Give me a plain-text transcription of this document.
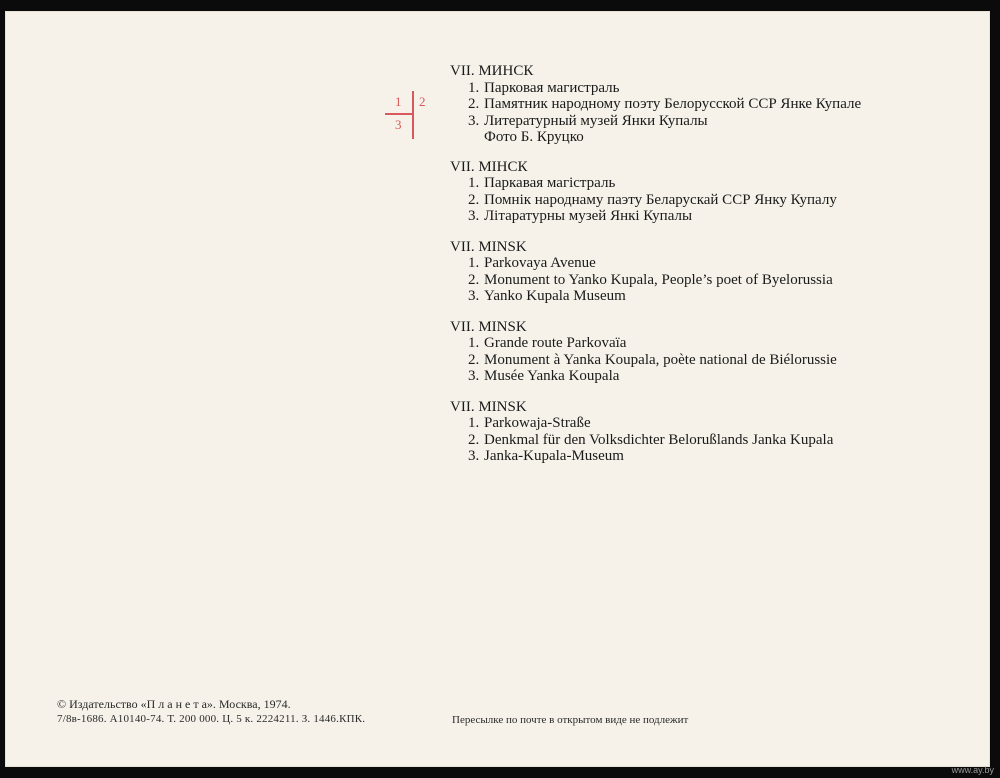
1 2
3
VII. МИНСК
1. Парковая магистраль
2. Памятник народному поэту Белорусской ССР Янке Купале
3. Литературный музей Янки Купалы
Фото Б. Круцко
VII. МІНСК
1. Паркавая магістраль
2. Помнік народнаму паэту Беларускай ССР Янку Купалу
3. Літаратурны музей Янкі Купалы
VII. MINSK
1. Parkovaya Avenue
2. Monument to Yanko Kupala, People’s poet of Byelorussia
3. Yanko Kupala Museum
VII. MINSK
1. Grande route Parkovaïa
2. Monument à Yanka Koupala, poète national de Biélorussie
3. Musée Yanka Koupala
VII. MINSK
1. Parkowaja-Straße
2. Denkmal für den Volksdichter Belorußlands Janka Kupala
3. Janka-Kupala-Museum
© Издательство «П л а н е т а». Москва, 1974.
7/8в-1686. А10140-74. Т. 200 000. Ц. 5 к. 2224211. З. 1446.КПК.	Пересылке по почте в открытом виде не подлежит
www.ay.by
